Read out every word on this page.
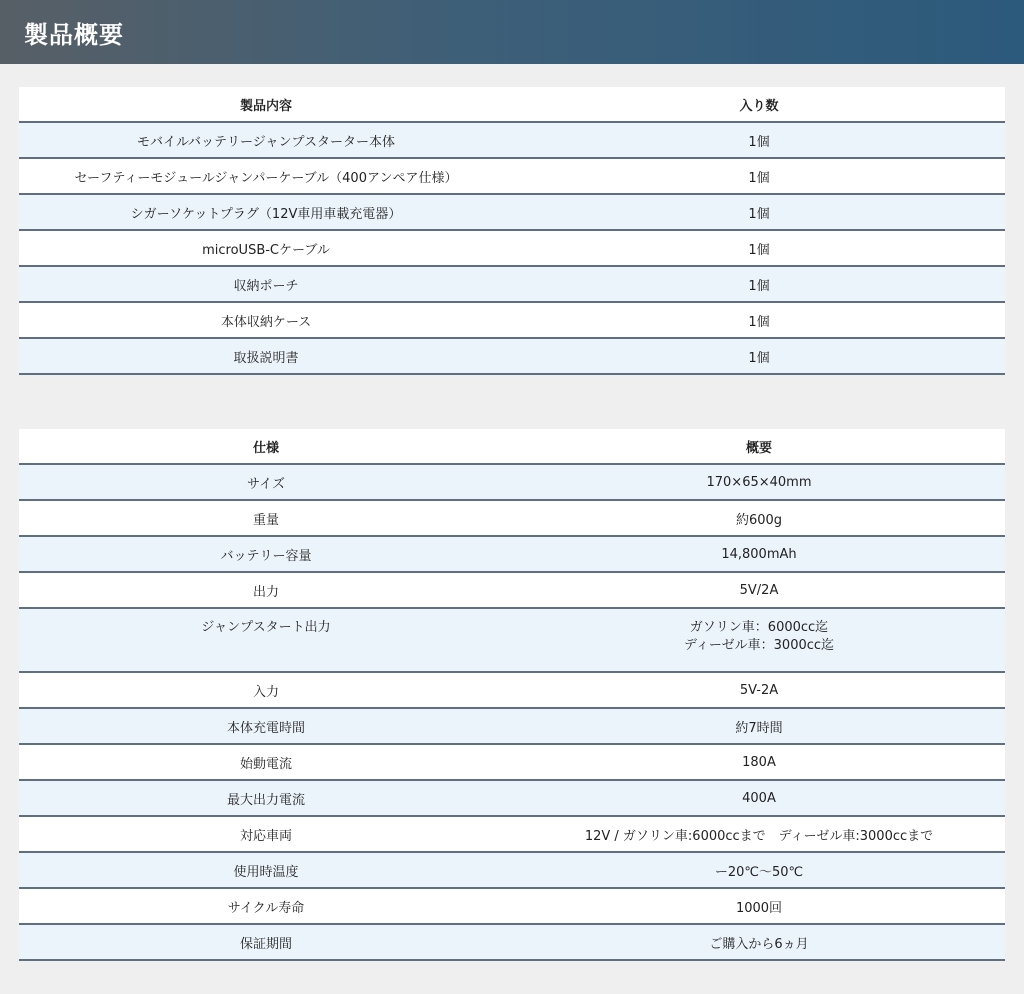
製品概要
製品内容	入り数
モバイルバッテリージャンプスターター本体	1個
セーフティーモジュールジャンパーケーブル（400アンペア仕様）	1個
シガーソケットプラグ（12V車用車載充電器）	1個
microUSB-Cケーブル	1個
収納ポーチ	1個
本体収納ケース	1個
取扱説明書	1個
仕様	概要
サイズ	170×65×40mm
重量	約600g
バッテリー容量	14,800mAh
出力	5V/2A
ジャンプスタート出力	ガソリン車：6000cc迄
ディーゼル車：3000cc迄

入力	5V-2A
本体充電時間	約7時間
始動電流	180A
最大出力電流	400A
対応車両	12V / ガソリン車:6000ccまで　ディーゼル車:3000ccまで
使用時温度	ー20℃〜50℃
サイクル寿命	1000回
保証期間	ご購入から6ヵ月
